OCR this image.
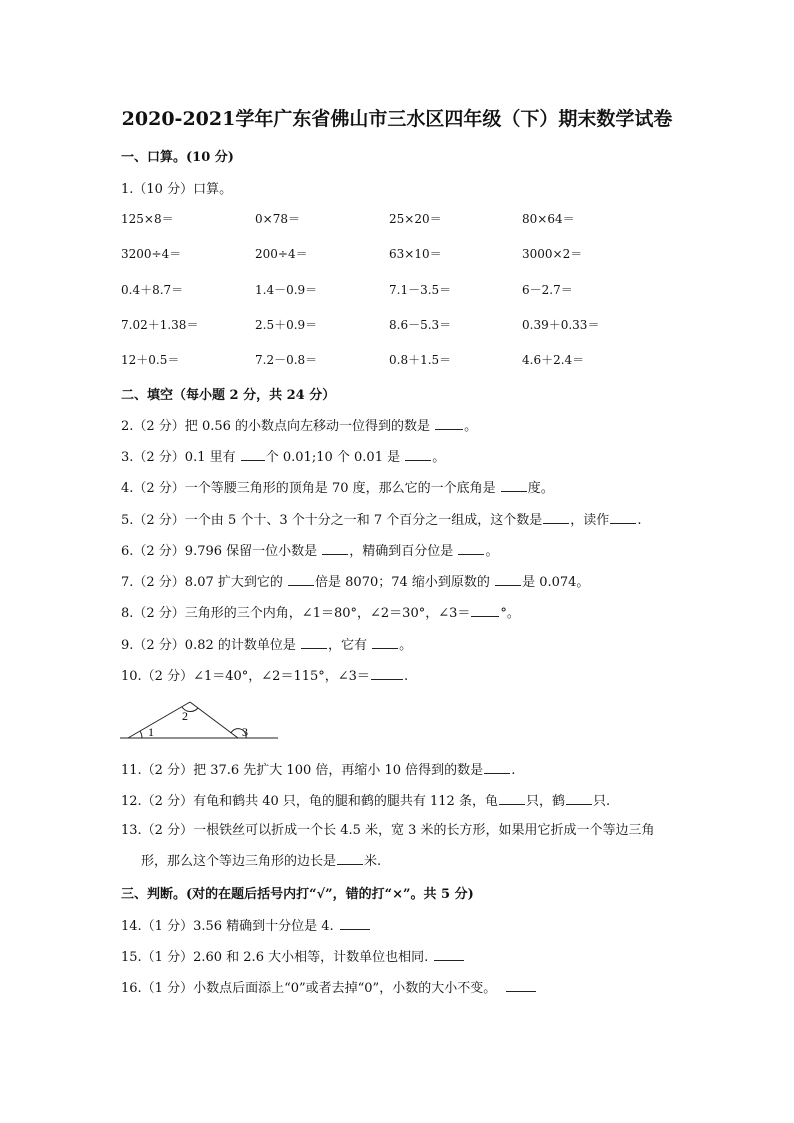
2020-2021学年广东省佛山市三水区四年级（下）期末数学试卷
一、口算。(10 分)
1.（10 分）口算。
125×8＝	0×78＝	25×20＝	80×64＝
3200÷4＝	200÷4＝	63×10＝	3000×2＝
0.4＋8.7＝	1.4－0.9＝	7.1－3.5＝	6－2.7＝
7.02＋1.38＝	2.5＋0.9＝	8.6－5.3＝	0.39＋0.33＝
12＋0.5＝	7.2－0.8＝	0.8＋1.5＝	4.6＋2.4＝
二、填空（每小题 2 分，共 24 分）
2.（2 分）把 0.56 的小数点向左移动一位得到的数是 。
3.（2 分）0.1 里有 个 0.01;10 个 0.01 是 。
4.（2 分）一个等腰三角形的顶角是 70 度，那么它的一个底角是 度。
5.（2 分）一个由 5 个十、3 个十分之一和 7 个百分之一组成，这个数是 ，读作 .
6.（2 分）9.796 保留一位小数是 ，精确到百分位是 。
7.（2 分）8.07 扩大到它的 倍是 8070；74 缩小到原数的 是 0.074。
8.（2 分）三角形的三个内角，∠1＝80°，∠2＝30°，∠3＝ °。
9.（2 分）0.82 的计数单位是 ，它有 。
10.（2 分）∠1＝40°，∠2＝115°，∠3＝	.
1
2
3
11.（2 分）把 37.6 先扩大 100 倍，再缩小 10 倍得到的数是 .
12.（2 分）有龟和鹤共 40 只，龟的腿和鹤的腿共有 112 条，龟 只，鹤 只.
13.（2 分）一根铁丝可以折成一个长 4.5 米，宽 3 米的长方形，如果用它折成一个等边三角
形，那么这个等边三角形的边长是 米.
三、判断。(对的在题后括号内打“√”，错的打“×”。共 5 分)
14.（1 分）3.56 精确到十分位是 4.
15.（1 分）2.60 和 2.6 大小相等，计数单位也相同.
16.（1 分）小数点后面添上“0”或者去掉“0”，小数的大小不变。
